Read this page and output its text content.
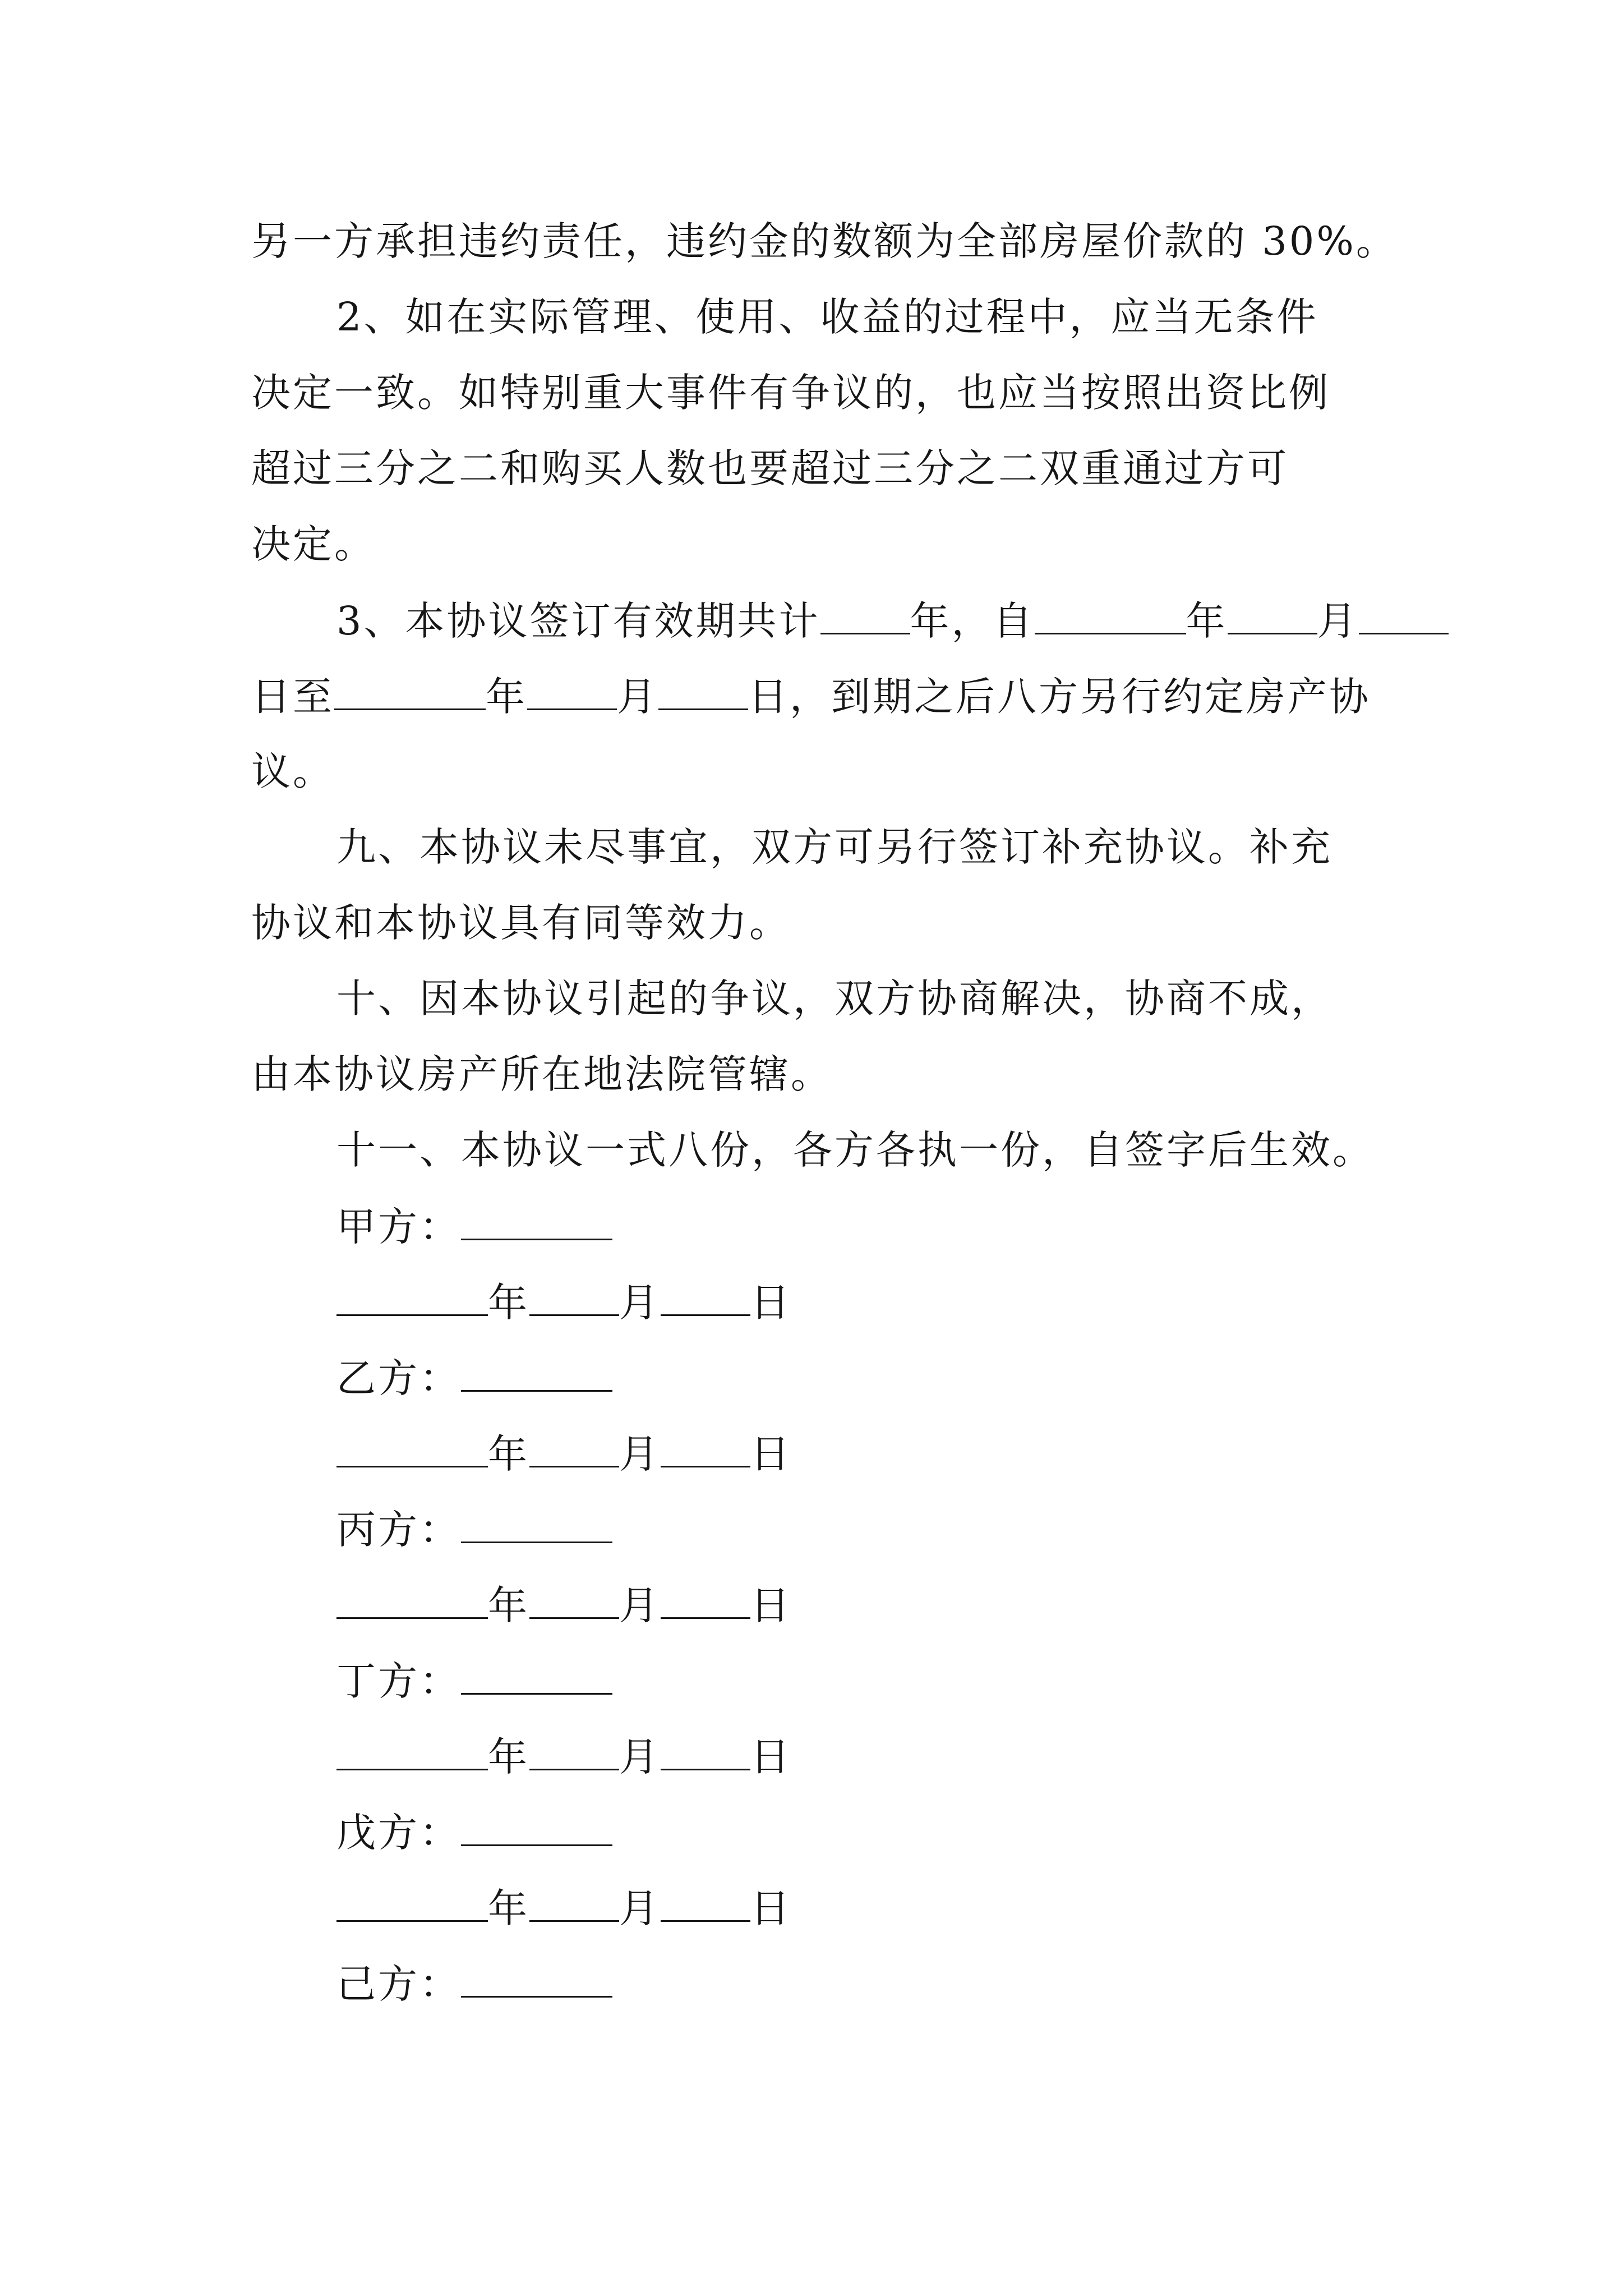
另一方承担违约责任，违约金的数额为全部房屋价款的 30%。
2、如在实际管理、使用、收益的过程中，应当无条件
决定一致。如特别重大事件有争议的，也应当按照出资比例
超过三分之二和购买人数也要超过三分之二双重通过方可
决定。
3、本协议签订有效期共计 年，自	年 月
日至	年 月 日，到期之后八方另行约定房产协
议。
九、本协议未尽事宜，双方可另行签订补充协议。补充
协议和本协议具有同等效力。
十、因本协议引起的争议，双方协商解决，协商不成，
由本协议房产所在地法院管辖。
十一、本协议一式八份，各方各执一份，自签字后生效。
甲方：
年 月 日
乙方：
年 月 日
丙方：
年 月 日
丁方：
年 月 日
戊方：
年 月 日
己方：
